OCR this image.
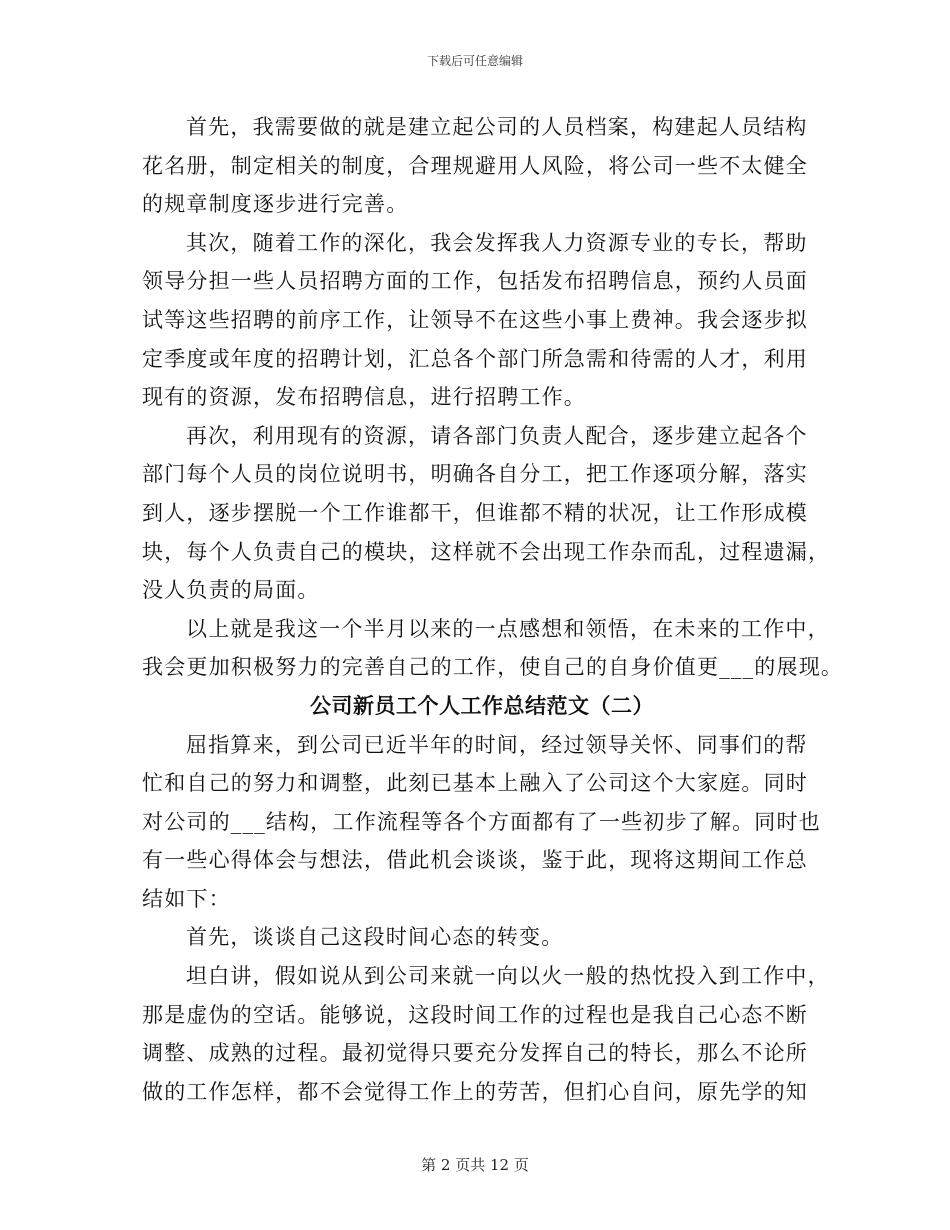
下载后可任意编辑
首先，我需要做的就是建立起公司的人员档案，构建起人员结构
花名册，制定相关的制度，合理规避用人风险，将公司一些不太健全
的规章制度逐步进行完善。
其次，随着工作的深化，我会发挥我人力资源专业的专长，帮助
领导分担一些人员招聘方面的工作，包括发布招聘信息，预约人员面
试等这些招聘的前序工作，让领导不在这些小事上费神。我会逐步拟
定季度或年度的招聘计划，汇总各个部门所急需和待需的人才，利用
现有的资源，发布招聘信息，进行招聘工作。
再次，利用现有的资源，请各部门负责人配合，逐步建立起各个
部门每个人员的岗位说明书，明确各自分工，把工作逐项分解，落实
到人，逐步摆脱一个工作谁都干，但谁都不精的状况，让工作形成模
块，每个人负责自己的模块，这样就不会出现工作杂而乱，过程遗漏，
没人负责的局面。
以上就是我这一个半月以来的一点感想和领悟，在未来的工作中，
我会更加积极努力的完善自己的工作，使自己的自身价值更___的展现。
公司新员工个人工作总结范文（二）
屈指算来，到公司已近半年的时间，经过领导关怀、同事们的帮
忙和自己的努力和调整，此刻已基本上融入了公司这个大家庭。同时
对公司的___结构，工作流程等各个方面都有了一些初步了解。同时也
有一些心得体会与想法，借此机会谈谈，鉴于此，现将这期间工作总
结如下：
首先，谈谈自己这段时间心态的转变。
坦白讲，假如说从到公司来就一向以火一般的热忱投入到工作中，
那是虚伪的空话。能够说，这段时间工作的过程也是我自己心态不断
调整、成熟的过程。最初觉得只要充分发挥自己的特长，那么不论所
做的工作怎样，都不会觉得工作上的劳苦，但扪心自问，原先学的知
第 2 页共 12 页
